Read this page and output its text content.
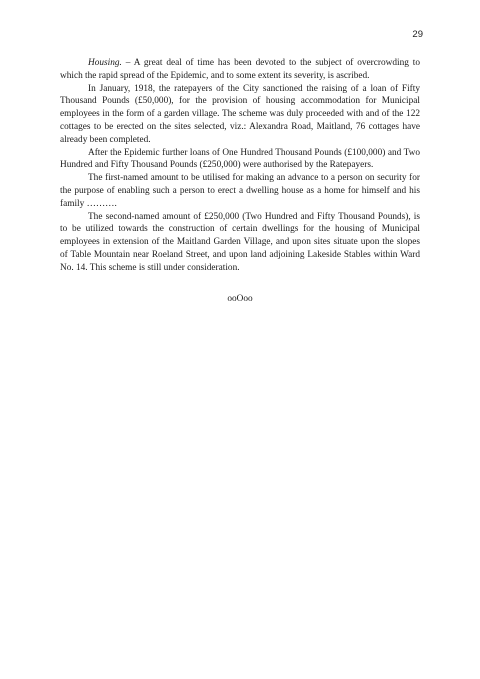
29

Housing. – A great deal of time has been devoted to the subject of overcrowding to which the rapid spread of the Epidemic, and to some extent its severity, is ascribed.

In January, 1918, the ratepayers of the City sanctioned the raising of a loan of Fifty Thousand Pounds (£50,000), for the provision of housing accommodation for Municipal employees in the form of a garden village. The scheme was duly proceeded with and of the 122 cottages to be erected on the sites selected, viz.: Alexandra Road, Maitland, 76 cottages have already been completed.

After the Epidemic further loans of One Hundred Thousand Pounds (£100,000) and Two Hundred and Fifty Thousand Pounds (£250,000) were authorised by the Ratepayers.

The first-named amount to be utilised for making an advance to a person on security for the purpose of enabling such a person to erect a dwelling house as a home for himself and his family ……….

The second-named amount of £250,000 (Two Hundred and Fifty Thousand Pounds), is to be utilized towards the construction of certain dwellings for the housing of Municipal employees in extension of the Maitland Garden Village, and upon sites situate upon the slopes of Table Mountain near Roeland Street, and upon land adjoining Lakeside Stables within Ward No. 14. This scheme is still under consideration.

ooOoo
